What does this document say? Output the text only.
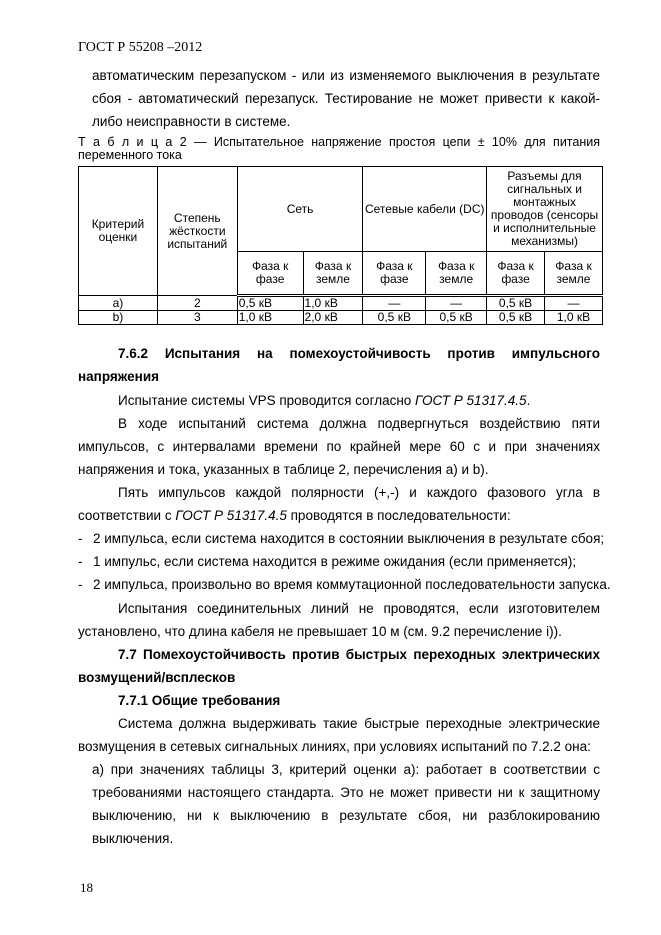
ГОСТ Р 55208 –2012
автоматическим перезапуском - или из изменяемого выключения в результате
сбоя - автоматический перезапуск. Тестирование не может привести к какой-
либо неисправности в системе.
Т а б л и ц а 2 — Испытательное напряжение простоя цепи ± 10% для питания
переменного тока
Критерий оценки	Степень жёсткости испытаний	Сеть		Сетевые кабели (DC)		Разъемы для сигнальных и монтажных проводов (сенсоры и исполнительные механизмы)	
		Фаза к фазе	Фаза к земле	Фаза к фазе	Фаза к земле	Фаза к фазе	Фаза к земле
a)	2	0,5 кВ	1,0 кВ	—	—	0,5 кВ	—
b)	3	1,0 кВ	2,0 кВ	0,5 кВ	0,5 кВ	0,5 кВ	1,0 кВ
7.6.2 Испытания на помехоустойчивость против импульсного
напряжения
Испытание системы VPS проводится согласно ГОСТ Р 51317.4.5.
В ходе испытаний система должна подвергнуться воздействию пяти
импульсов, с интервалами времени по крайней мере 60 с и при значениях
напряжения и тока, указанных в таблице 2, перечисления a) и b).
Пять импульсов каждой полярности (+,-) и каждого фазового угла в
соответствии с ГОСТ Р 51317.4.5 проводятся в последовательности:
- 2 импульса, если система находится в состоянии выключения в результате сбоя;
- 1 импульс, если система находится в режиме ожидания (если применяется);
- 2 импульса, произвольно во время коммутационной последовательности запуска.
Испытания соединительных линий не проводятся, если изготовителем
установлено, что длина кабеля не превышает 10 м (см. 9.2 перечисление i)).
7.7 Помехоустойчивость против быстрых переходных электрических
возмущений/всплесков
7.7.1 Общие требования
Система должна выдерживать такие быстрые переходные электрические
возмущения в сетевых сигнальных линиях, при условиях испытаний по 7.2.2 она:
a) при значениях таблицы 3, критерий оценки a): работает в соответствии с
требованиями настоящего стандарта. Это не может привести ни к защитному
выключению, ни к выключению в результате сбоя, ни разблокированию
выключения.
18
